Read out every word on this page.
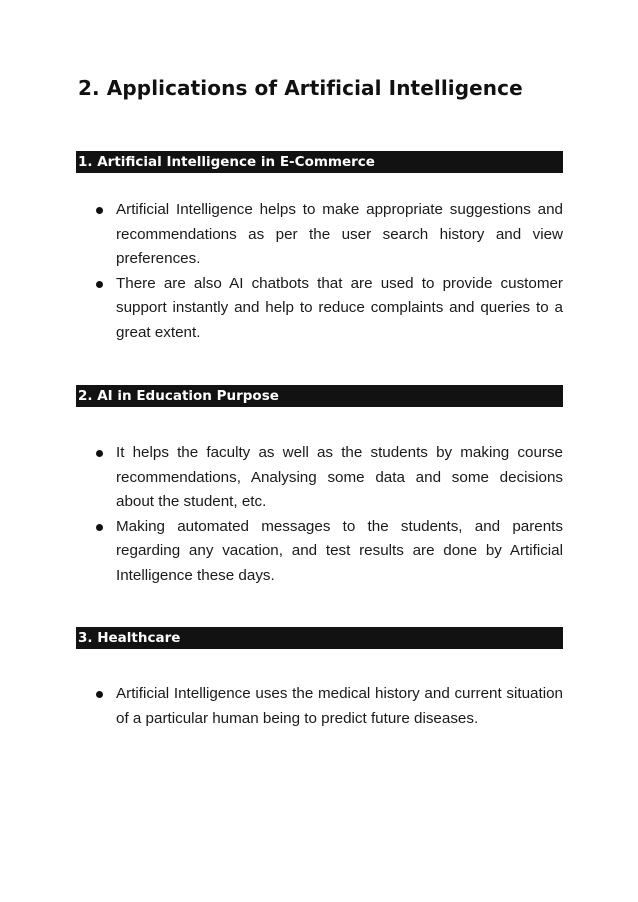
2. Applications of Artificial Intelligence
1. Artificial Intelligence in E-Commerce
Artificial Intelligence helps to make appropriate suggestions and recommendations as per the user search history and view preferences.
There are also AI chatbots that are used to provide customer support instantly and help to reduce complaints and queries to a great extent.
2. AI in Education Purpose
It helps the faculty as well as the students by making course recommendations, Analysing some data and some decisions about the student, etc.
Making automated messages to the students, and parents regarding any vacation, and test results are done by Artificial Intelligence these days.
3. Healthcare
Artificial Intelligence uses the medical history and current situation of a particular human being to predict future diseases.
